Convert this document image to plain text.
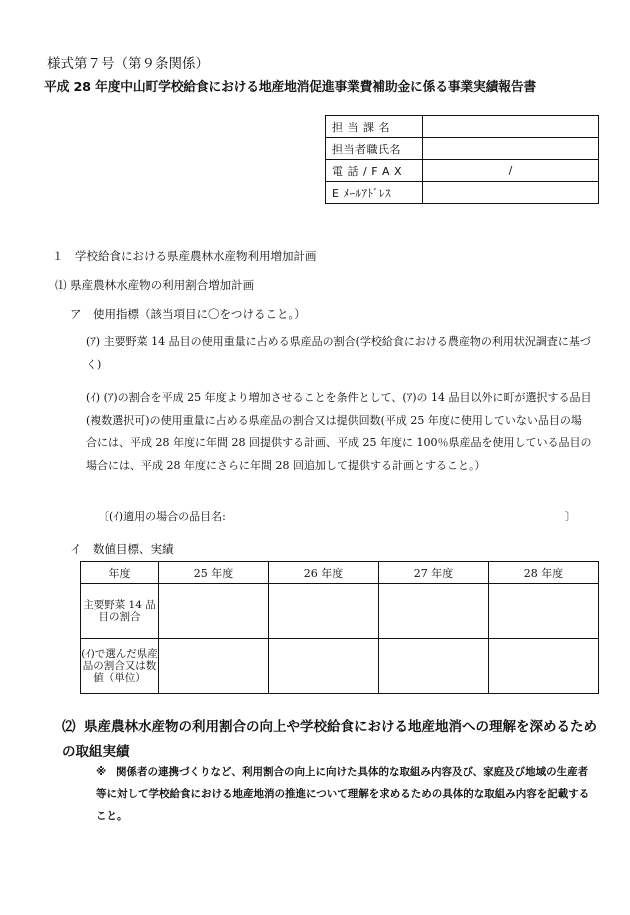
様式第７号（第９条関係）
平成 28 年度中山町学校給食における地産地消促進事業費補助金に係る事業実績報告書
担 当 課 名	
担当者職氏名	
電 話 / F A X	/
E ﾒｰﾙｱﾄﾞﾚｽ	
１　学校給食における県産農林水産物利用増加計画
⑴ 県産農林水産物の利用割合増加計画
ア　使用指標（該当項目に〇をつけること。）
(ｱ) 主要野菜 14 品目の使用重量に占める県産品の割合(学校給食における農産物の利用状況調査に基づく)
(ｲ) (ｱ)の割合を平成 25 年度より増加させることを条件として、(ｱ)の 14 品目以外に町が選択する品目(複数選択可)の使用重量に占める県産品の割合又は提供回数(平成 25 年度に使用していない品目の場合には、平成 28 年度に年間 28 回提供する計画、平成 25 年度に 100％県産品を使用している品目の場合には、平成 28 年度にさらに年間 28 回追加して提供する計画とすること。）
〔(ｲ)適用の場合の品目名:	〕
イ　数値目標、実績
年度	25 年度	26 年度	27 年度	28 年度
主要野菜 14 品目の割合				
(ｲ)で選んだ県産品の割合又は数値（単位）				
⑵ 県産農林水産物の利用割合の向上や学校給食における地産地消への理解を深めるための取組実績
※ 関係者の連携づくりなど、利用割合の向上に向けた具体的な取組み内容及び、家庭及び地域の生産者等に対して学校給食における地産地消の推進について理解を求めるための具体的な取組み内容を記載すること。
